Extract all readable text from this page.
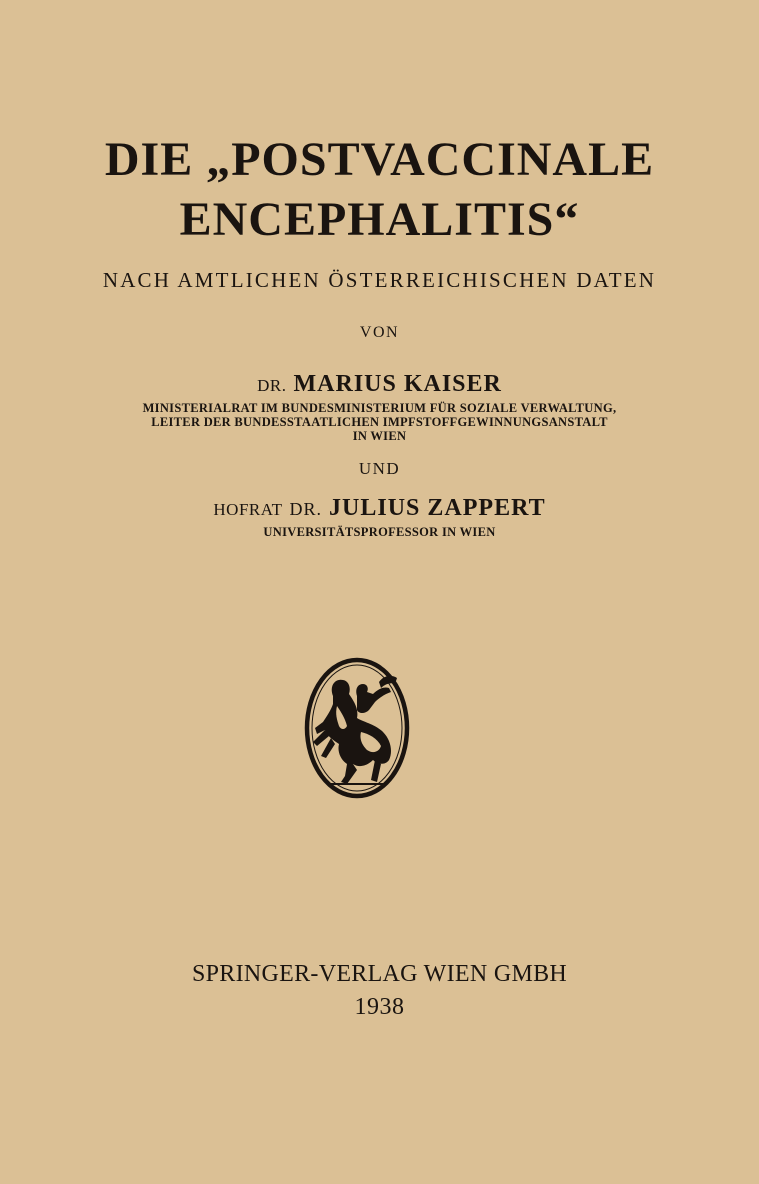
DIE „POSTVACCINALE
ENCEPHALITIS“
NACH AMTLICHEN ÖSTERREICHISCHEN DATEN
VON
DR. MARIUS KAISER
MINISTERIALRAT IM BUNDESMINISTERIUM FÜR SOZIALE VERWALTUNG,
LEITER DER BUNDESSTAATLICHEN IMPFSTOFFGEWINNUNGSANSTALT
IN WIEN
UND
HOFRAT DR. JULIUS ZAPPERT
UNIVERSITÄTSPROFESSOR IN WIEN
SPRINGER-VERLAG WIEN GMBH
1938
